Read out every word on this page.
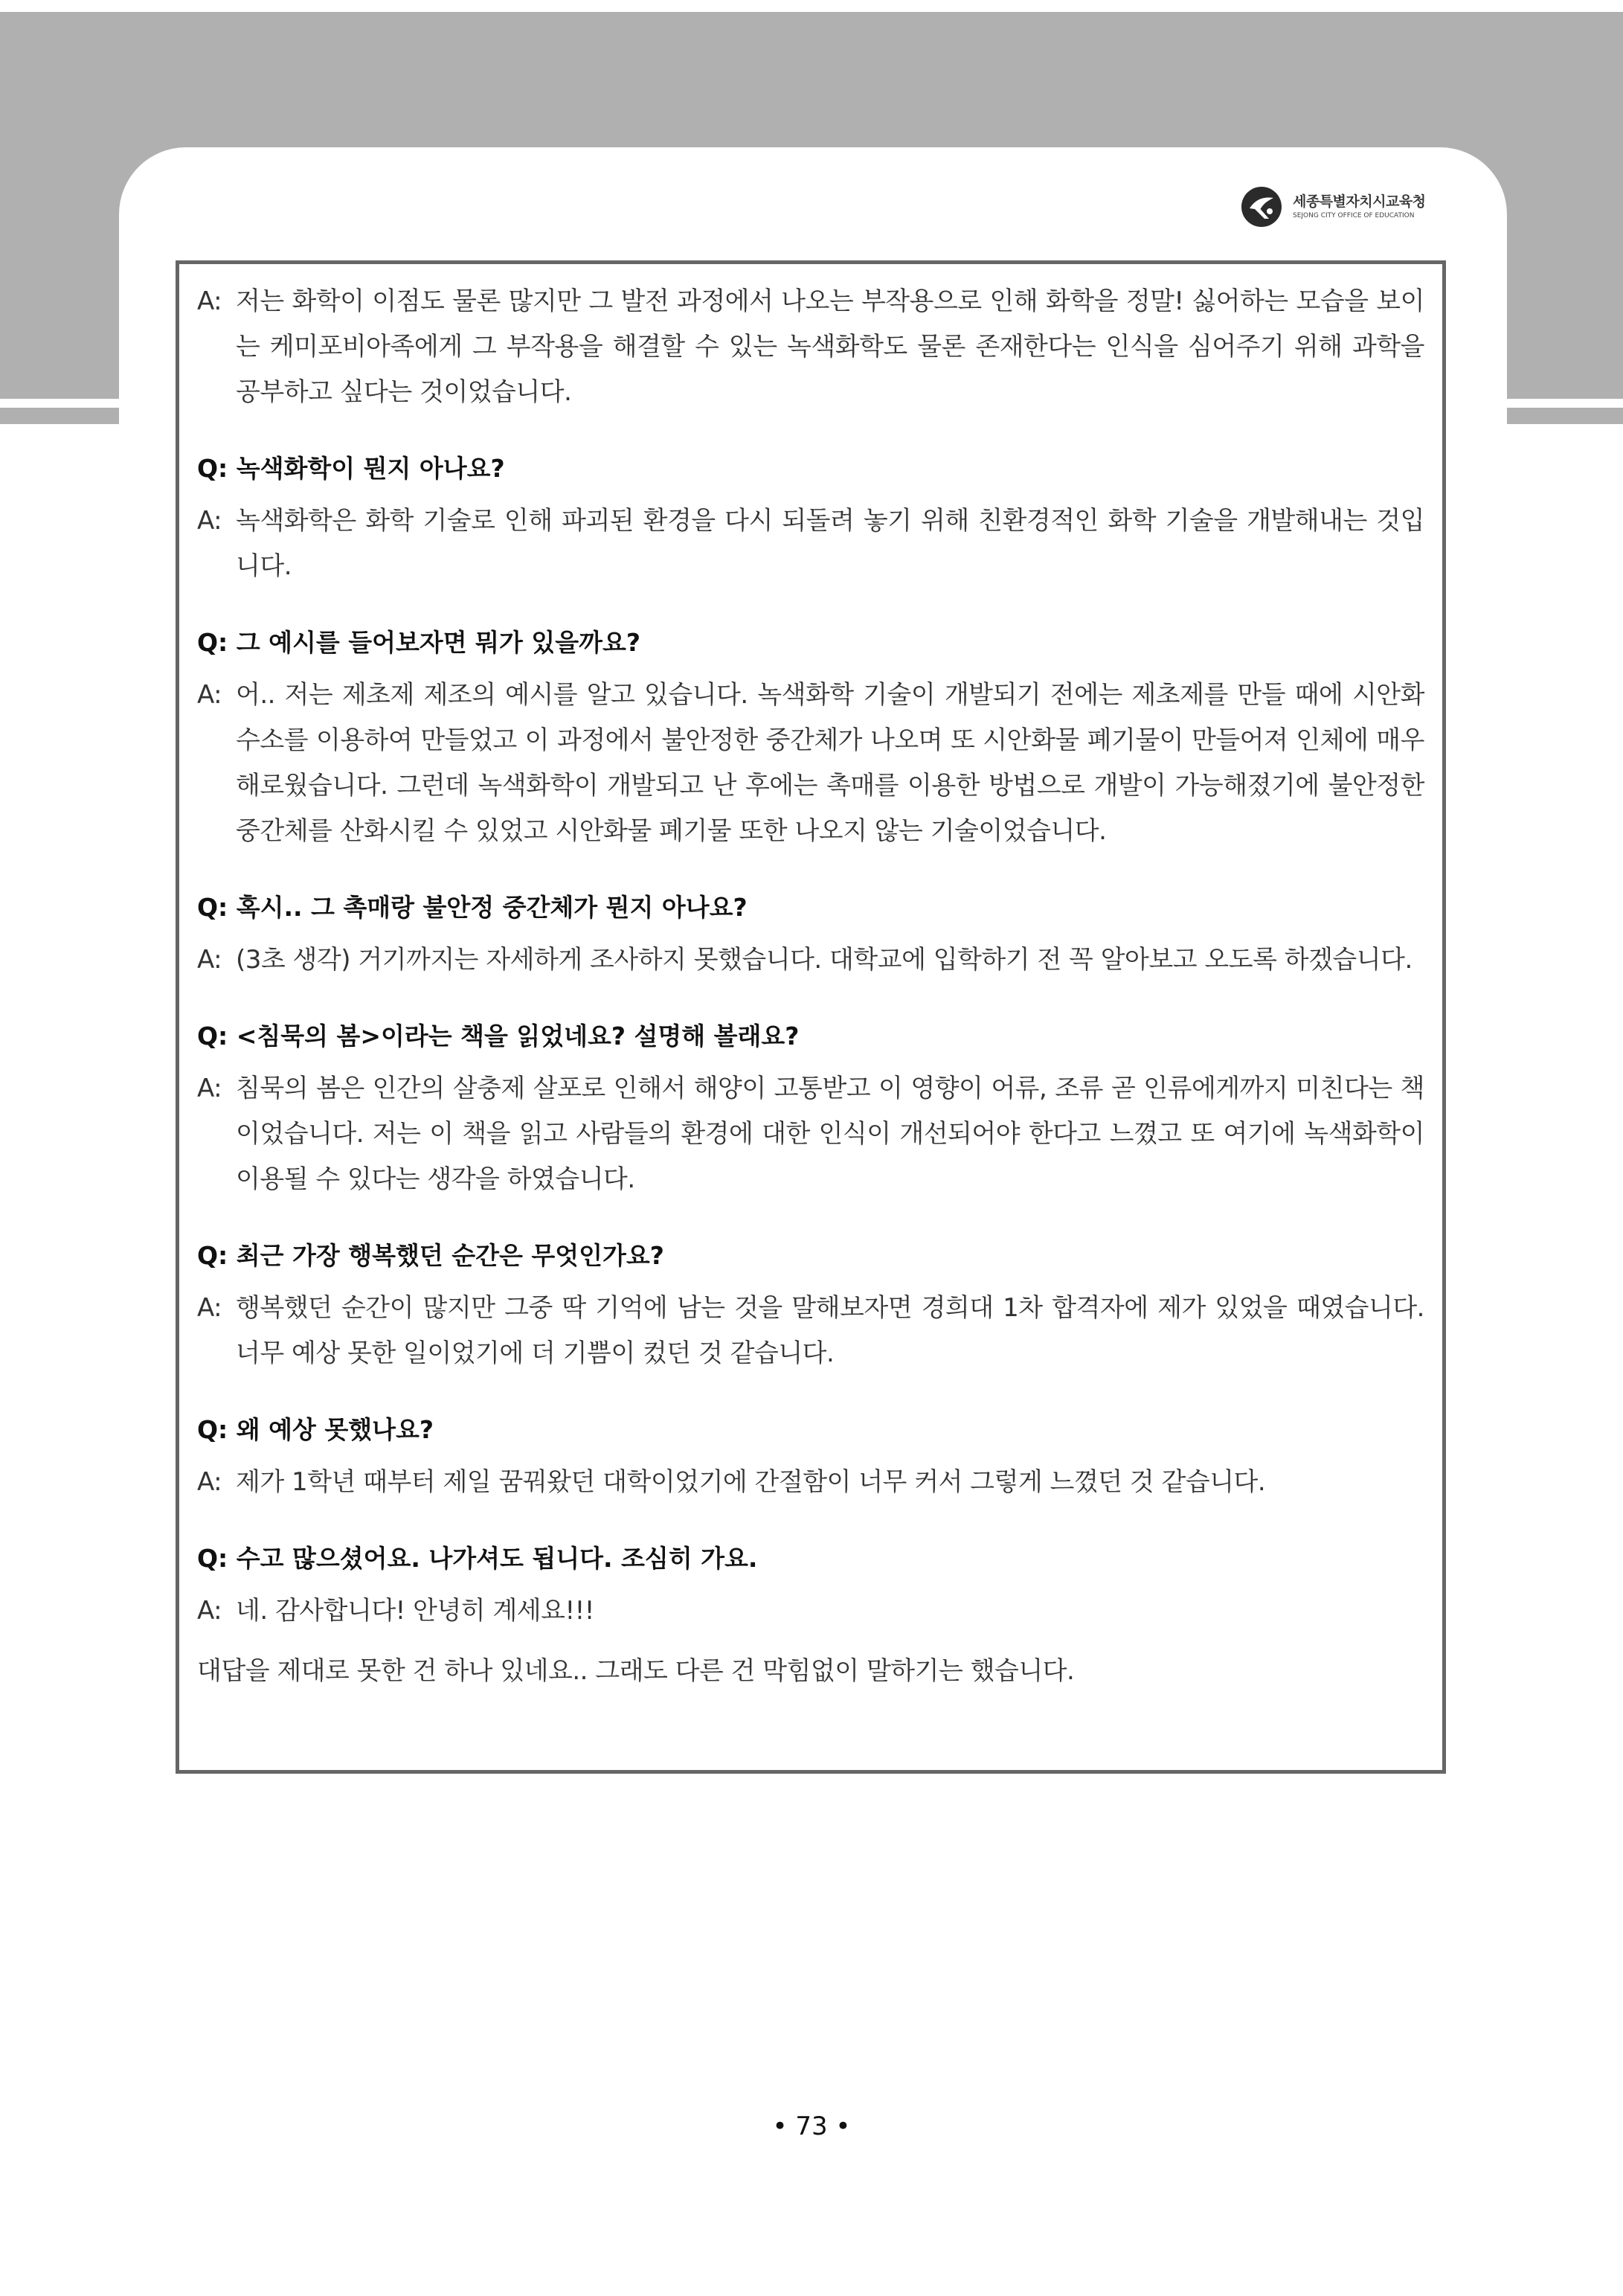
세종특별자치시교육청
SEJONG CITY OFFICE OF EDUCATION
A: 저는 화학이 이점도 물론 많지만 그 발전 과정에서 나오는 부작용으로 인해 화학을 정말! 싫어하는 모습을 보이는 케미포비아족에게 그 부작용을 해결할 수 있는 녹색화학도 물론 존재한다는 인식을 심어주기 위해 과학을 공부하고 싶다는 것이었습니다.
Q: 녹색화학이 뭔지 아나요?
A: 녹색화학은 화학 기술로 인해 파괴된 환경을 다시 되돌려 놓기 위해 친환경적인 화학 기술을 개발해내는 것입니다.
Q: 그 예시를 들어보자면 뭐가 있을까요?
A: 어.. 저는 제초제 제조의 예시를 알고 있습니다. 녹색화학 기술이 개발되기 전에는 제초제를 만들 때에 시안화수소를 이용하여 만들었고 이 과정에서 불안정한 중간체가 나오며 또 시안화물 폐기물이 만들어져 인체에 매우 해로웠습니다. 그런데 녹색화학이 개발되고 난 후에는 촉매를 이용한 방법으로 개발이 가능해졌기에 불안정한 중간체를 산화시킬 수 있었고 시안화물 폐기물 또한 나오지 않는 기술이었습니다.
Q: 혹시.. 그 촉매랑 불안정 중간체가 뭔지 아나요?
A: (3초 생각) 거기까지는 자세하게 조사하지 못했습니다. 대학교에 입학하기 전 꼭 알아보고 오도록 하겠습니다.
Q: <침묵의 봄>이라는 책을 읽었네요? 설명해 볼래요?
A: 침묵의 봄은 인간의 살충제 살포로 인해서 해양이 고통받고 이 영향이 어류, 조류 곧 인류에게까지 미친다는 책이었습니다. 저는 이 책을 읽고 사람들의 환경에 대한 인식이 개선되어야 한다고 느꼈고 또 여기에 녹색화학이 이용될 수 있다는 생각을 하였습니다.
Q: 최근 가장 행복했던 순간은 무엇인가요?
A: 행복했던 순간이 많지만 그중 딱 기억에 남는 것을 말해보자면 경희대 1차 합격자에 제가 있었을 때였습니다. 너무 예상 못한 일이었기에 더 기쁨이 컸던 것 같습니다.
Q: 왜 예상 못했나요?
A: 제가 1학년 때부터 제일 꿈꿔왔던 대학이었기에 간절함이 너무 커서 그렇게 느꼈던 것 같습니다.
Q: 수고 많으셨어요. 나가셔도 됩니다. 조심히 가요.
A: 네. 감사합니다! 안녕히 계세요!!!
대답을 제대로 못한 건 하나 있네요.. 그래도 다른 건 막힘없이 말하기는 했습니다.
• 73 •
